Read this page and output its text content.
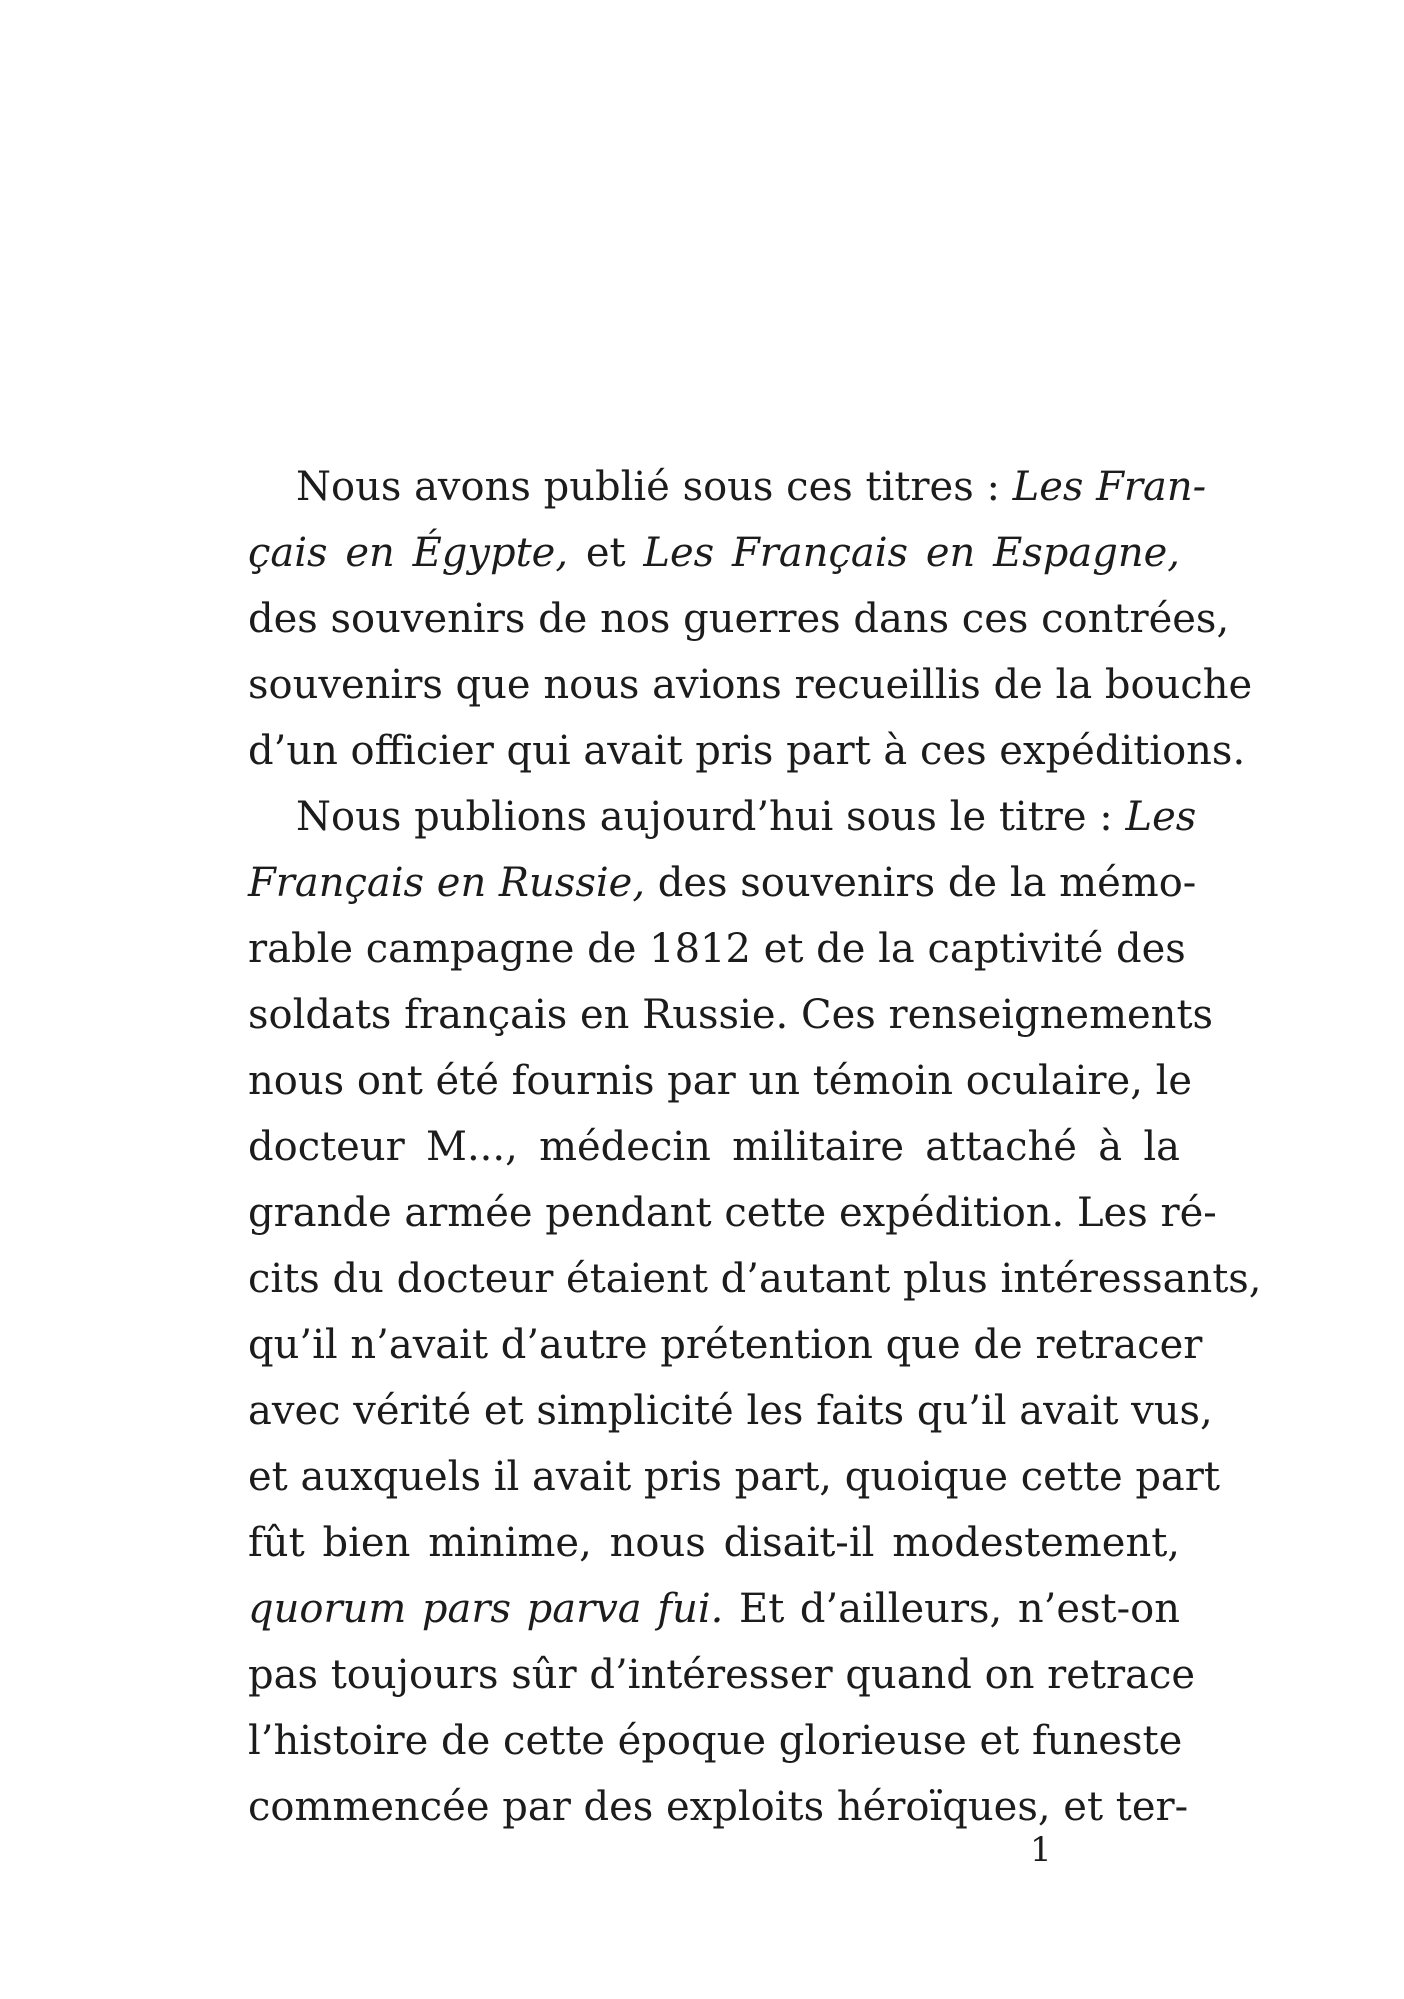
Nous avons publié sous ces titres : Les Fran-
çais en Égypte, et Les Français en Espagne,
des souvenirs de nos guerres dans ces contrées,
souvenirs que nous avions recueillis de la bouche
d’un officier qui avait pris part à ces expéditions.
Nous publions aujourd’hui sous le titre : Les
Français en Russie, des souvenirs de la mémo-
rable campagne de 1812 et de la captivité des
soldats français en Russie. Ces renseignements
nous ont été fournis par un témoin oculaire, le
docteur M..., médecin militaire attaché à la
grande armée pendant cette expédition. Les ré-
cits du docteur étaient d’autant plus intéressants,
qu’il n’avait d’autre prétention que de retracer
avec vérité et simplicité les faits qu’il avait vus,
et auxquels il avait pris part, quoique cette part
fût bien minime, nous disait-il modestement,
quorum pars parva fui. Et d’ailleurs, n’est-on
pas toujours sûr d’intéresser quand on retrace
l’histoire de cette époque glorieuse et funeste
commencée par des exploits héroïques, et ter-
1
